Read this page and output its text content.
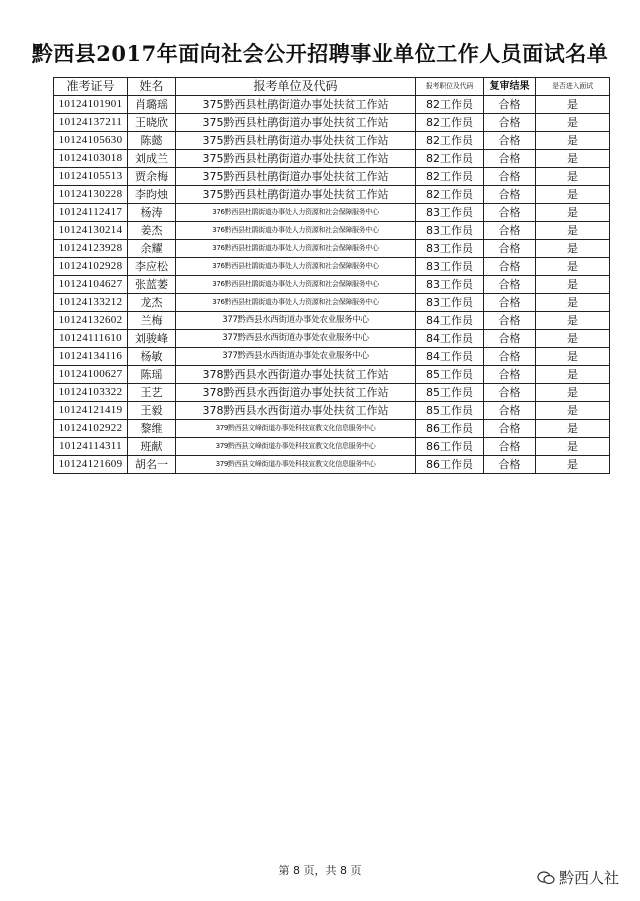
黔西县2017年面向社会公开招聘事业单位工作人员面试名单
准考证号	姓名	报考单位及代码	报考职位及代码	复审结果	是否进入面试
10124101901	肖璐瑶	375黔西县杜鹃街道办事处扶贫工作站	82工作员	合格	是
10124137211	王晓欣	375黔西县杜鹃街道办事处扶贫工作站	82工作员	合格	是
10124105630	陈懿	375黔西县杜鹃街道办事处扶贫工作站	82工作员	合格	是
10124103018	刘成兰	375黔西县杜鹃街道办事处扶贫工作站	82工作员	合格	是
10124105513	贾余梅	375黔西县杜鹃街道办事处扶贫工作站	82工作员	合格	是
10124130228	李昀烛	375黔西县杜鹃街道办事处扶贫工作站	82工作员	合格	是
10124112417	杨涛	376黔西县杜鹃街道办事处人力资源和社会保障服务中心	83工作员	合格	是
10124130214	姜杰	376黔西县杜鹃街道办事处人力资源和社会保障服务中心	83工作员	合格	是
10124123928	余耀	376黔西县杜鹃街道办事处人力资源和社会保障服务中心	83工作员	合格	是
10124102928	李应松	376黔西县杜鹃街道办事处人力资源和社会保障服务中心	83工作员	合格	是
10124104627	张蓝萎	376黔西县杜鹃街道办事处人力资源和社会保障服务中心	83工作员	合格	是
10124133212	龙杰	376黔西县杜鹃街道办事处人力资源和社会保障服务中心	83工作员	合格	是
10124132602	兰梅	377黔西县水西街道办事处农业服务中心	84工作员	合格	是
10124111610	刘骏峰	377黔西县水西街道办事处农业服务中心	84工作员	合格	是
10124134116	杨敏	377黔西县水西街道办事处农业服务中心	84工作员	合格	是
10124100627	陈瑶	378黔西县水西街道办事处扶贫工作站	85工作员	合格	是
10124103322	王艺	378黔西县水西街道办事处扶贫工作站	85工作员	合格	是
10124121419	王毅	378黔西县水西街道办事处扶贫工作站	85工作员	合格	是
10124102922	黎维	379黔西县文峰街道办事处科技宣教文化信息服务中心	86工作员	合格	是
10124114311	班献	379黔西县文峰街道办事处科技宣教文化信息服务中心	86工作员	合格	是
10124121609	胡名一	379黔西县文峰街道办事处科技宣教文化信息服务中心	86工作员	合格	是
第 8 页，共 8 页	黔西人社
